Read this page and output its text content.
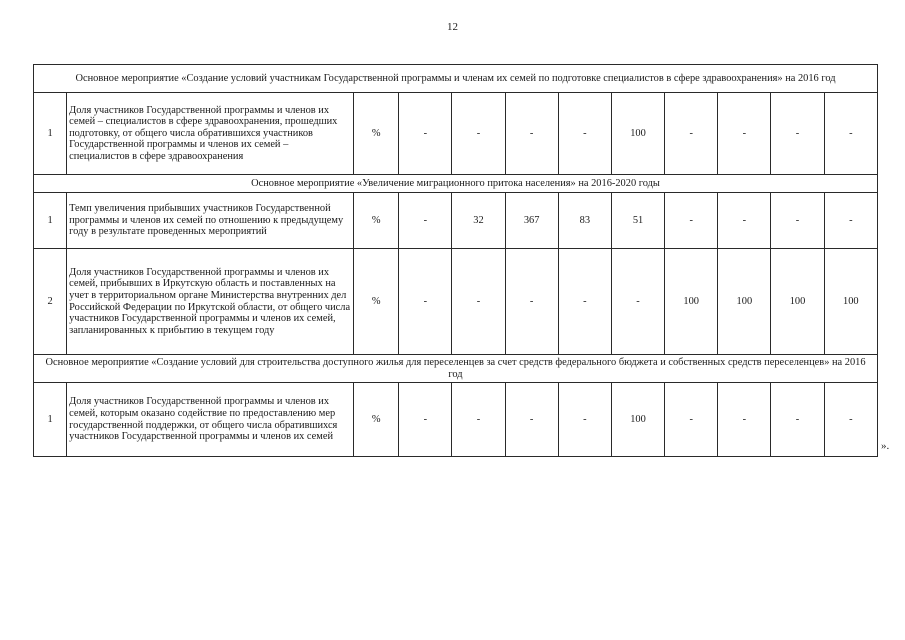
12
Основное мероприятие «Создание условий участникам Государственной программы и членам их семей по подготовке специалистов в сфере здравоохранения» на 2016 год											
1	Доля участников Государственной программы и членов их семей – специалистов в сфере здравоохранения, прошедших подготовку, от общего числа обратившихся участников Государственной программы и членов их семей – специалистов в сфере здравоохранения	%	-	-	-	-	100	-	-	-	-
Основное мероприятие «Увеличение миграционного притока населения» на 2016-2020 годы											
1	Темп увеличения прибывших участников Государственной программы и членов их семей по отношению к предыдущему году в результате проведенных мероприятий	%	-	32	367	83	51	-	-	-	-
2	Доля участников Государственной программы и членов их семей, прибывших в Иркутскую область и поставленных на учет в территориальном органе Министерства внутренних дел Российской Федерации по Иркутской области, от общего числа участников Государственной программы и членов их семей, запланированных к прибытию в текущем году	%	-	-	-	-	-	100	100	100	100
Основное мероприятие «Создание условий для строительства доступного жилья для переселенцев за счет средств федерального бюджета и собственных средств переселенцев» на 2016 год											
1	Доля участников Государственной программы и членов их семей, которым оказано содействие по предоставлению мер государственной поддержки, от общего числа обратившихся участников Государственной программы и членов их семей	%	-	-	-	-	100	-	-	-	-
».
